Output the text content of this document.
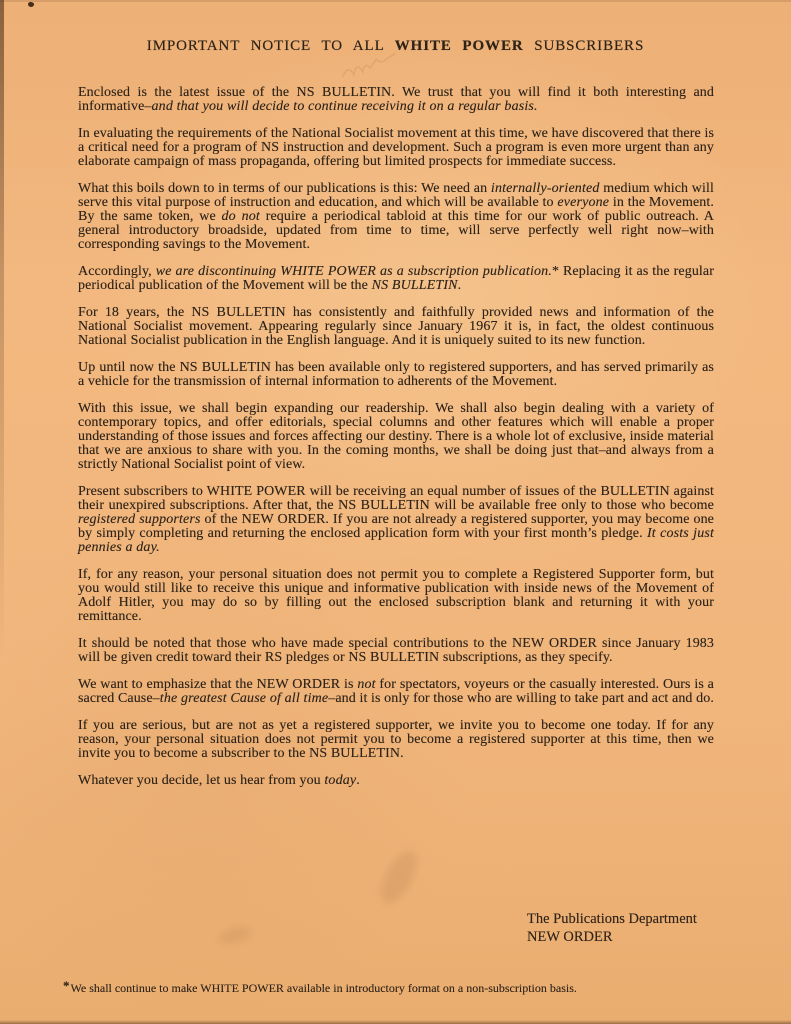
IMPORTANT NOTICE TO ALL WHITE POWER SUBSCRIBERS

Enclosed is the latest issue of the NS BULLETIN. We trust that you will find it both interesting and informative–and that you will decide to continue receiving it on a regular basis.

In evaluating the requirements of the National Socialist movement at this time, we have discovered that there is a critical need for a program of NS instruction and development. Such a program is even more urgent than any elaborate campaign of mass propaganda, offering but limited prospects for immediate success.

What this boils down to in terms of our publications is this: We need an internally-oriented medium which will serve this vital purpose of instruction and education, and which will be available to everyone in the Movement. By the same token, we do not require a periodical tabloid at this time for our work of public outreach. A general introductory broadside, updated from time to time, will serve perfectly well right now–with corresponding savings to the Movement.

Accordingly, we are discontinuing WHITE POWER as a subscription publication.* Replacing it as the regular periodical publication of the Movement will be the NS BULLETIN.

For 18 years, the NS BULLETIN has consistently and faithfully provided news and information of the National Socialist movement. Appearing regularly since January 1967 it is, in fact, the oldest continuous National Socialist publication in the English language. And it is uniquely suited to its new function.

Up until now the NS BULLETIN has been available only to registered supporters, and has served primarily as a vehicle for the transmission of internal information to adherents of the Movement.

With this issue, we shall begin expanding our readership. We shall also begin dealing with a variety of contemporary topics, and offer editorials, special columns and other features which will enable a proper understanding of those issues and forces affecting our destiny. There is a whole lot of exclusive, inside material that we are anxious to share with you. In the coming months, we shall be doing just that–and always from a strictly National Socialist point of view.

Present subscribers to WHITE POWER will be receiving an equal number of issues of the BULLETIN against their unexpired subscriptions. After that, the NS BULLETIN will be available free only to those who become registered supporters of the NEW ORDER. If you are not already a registered supporter, you may become one by simply completing and returning the enclosed application form with your first month’s pledge. It costs just pennies a day.

If, for any reason, your personal situation does not permit you to complete a Registered Supporter form, but you would still like to receive this unique and informative publication with inside news of the Movement of Adolf Hitler, you may do so by filling out the enclosed subscription blank and returning it with your remittance.

It should be noted that those who have made special contributions to the NEW ORDER since January 1983 will be given credit toward their RS pledges or NS BULLETIN subscriptions, as they specify.

We want to emphasize that the NEW ORDER is not for spectators, voyeurs or the casually interested. Ours is a sacred Cause–the greatest Cause of all time–and it is only for those who are willing to take part and act and do.

If you are serious, but are not as yet a registered supporter, we invite you to become one today. If for any reason, your personal situation does not permit you to become a registered supporter at this time, then we invite you to become a subscriber to the NS BULLETIN.

Whatever you decide, let us hear from you today.

The Publications Department
NEW ORDER
*We shall continue to make WHITE POWER available in introductory format on a non-subscription basis.
